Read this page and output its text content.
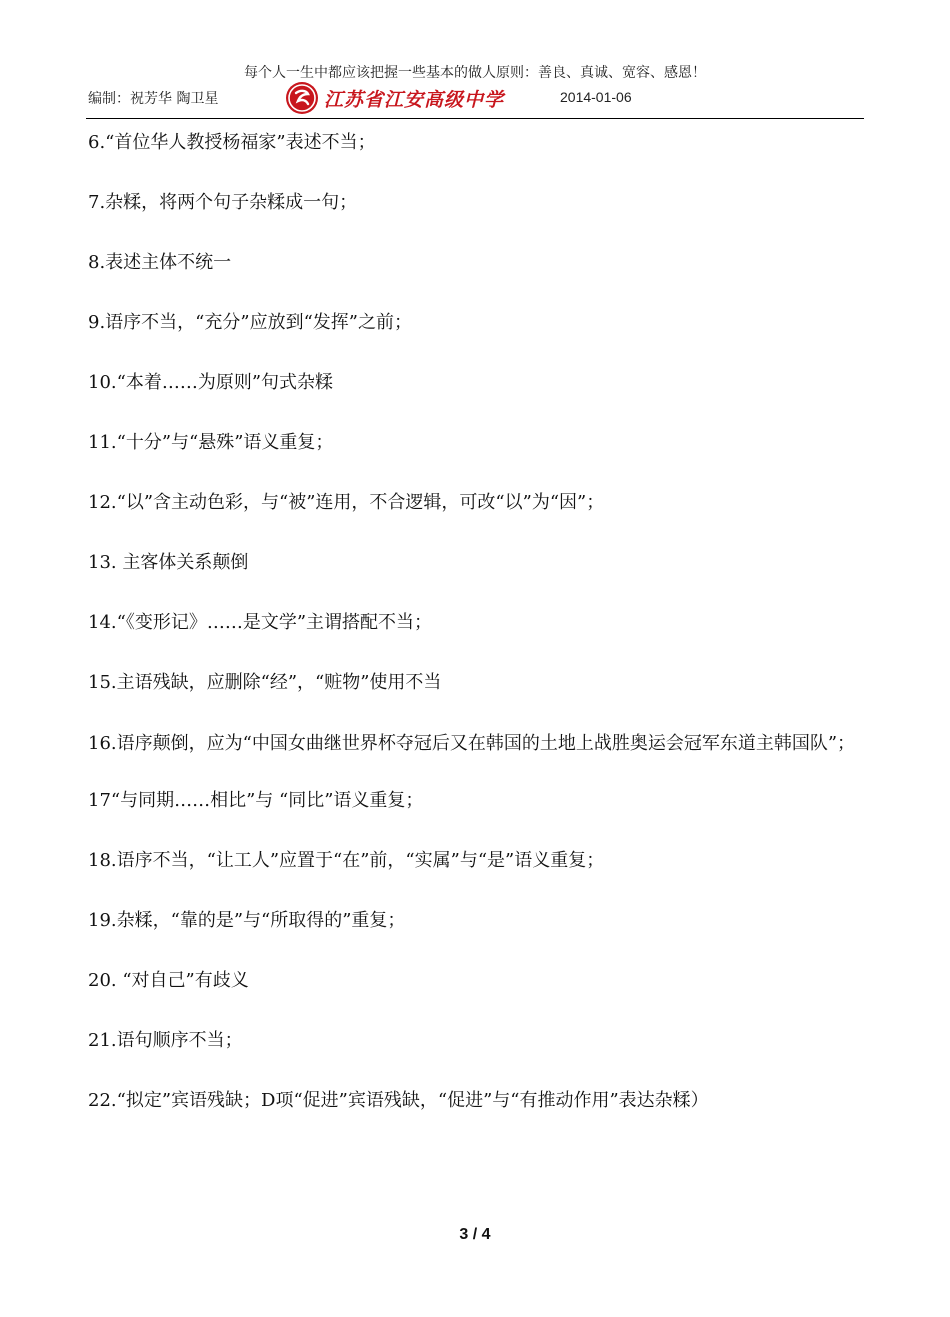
每个人一生中都应该把握一些基本的做人原则：善良、真诚、宽容、感恩！
编制：祝芳华 陶卫星	江苏省江安高级中学	2014-01-06

6.“首位华人教授杨福家”表述不当；

7.杂糅，将两个句子杂糅成一句；

8.表述主体不统一

9.语序不当，“充分”应放到“发挥”之前；

10.“本着……为原则”句式杂糅

11.“十分”与“悬殊”语义重复；

12.“以”含主动色彩，与“被”连用，不合逻辑，可改“以”为“因”；

13. 主客体关系颠倒

14.“《变形记》……是文学”主谓搭配不当；

15.主语残缺，应删除“经”，“赃物”使用不当

16.语序颠倒，应为“中国女曲继世界杯夺冠后又在韩国的土地上战胜奥运会冠军东道主韩国队”；

17“与同期……相比”与 “同比”语义重复；

18.语序不当，“让工人”应置于“在”前，“实属”与“是”语义重复；

19.杂糅，“靠的是”与“所取得的”重复；

20. “对自己”有歧义

21.语句顺序不当；

22.“拟定”宾语残缺；D项“促进”宾语残缺，“促进”与“有推动作用”表达杂糅）

3 / 4
